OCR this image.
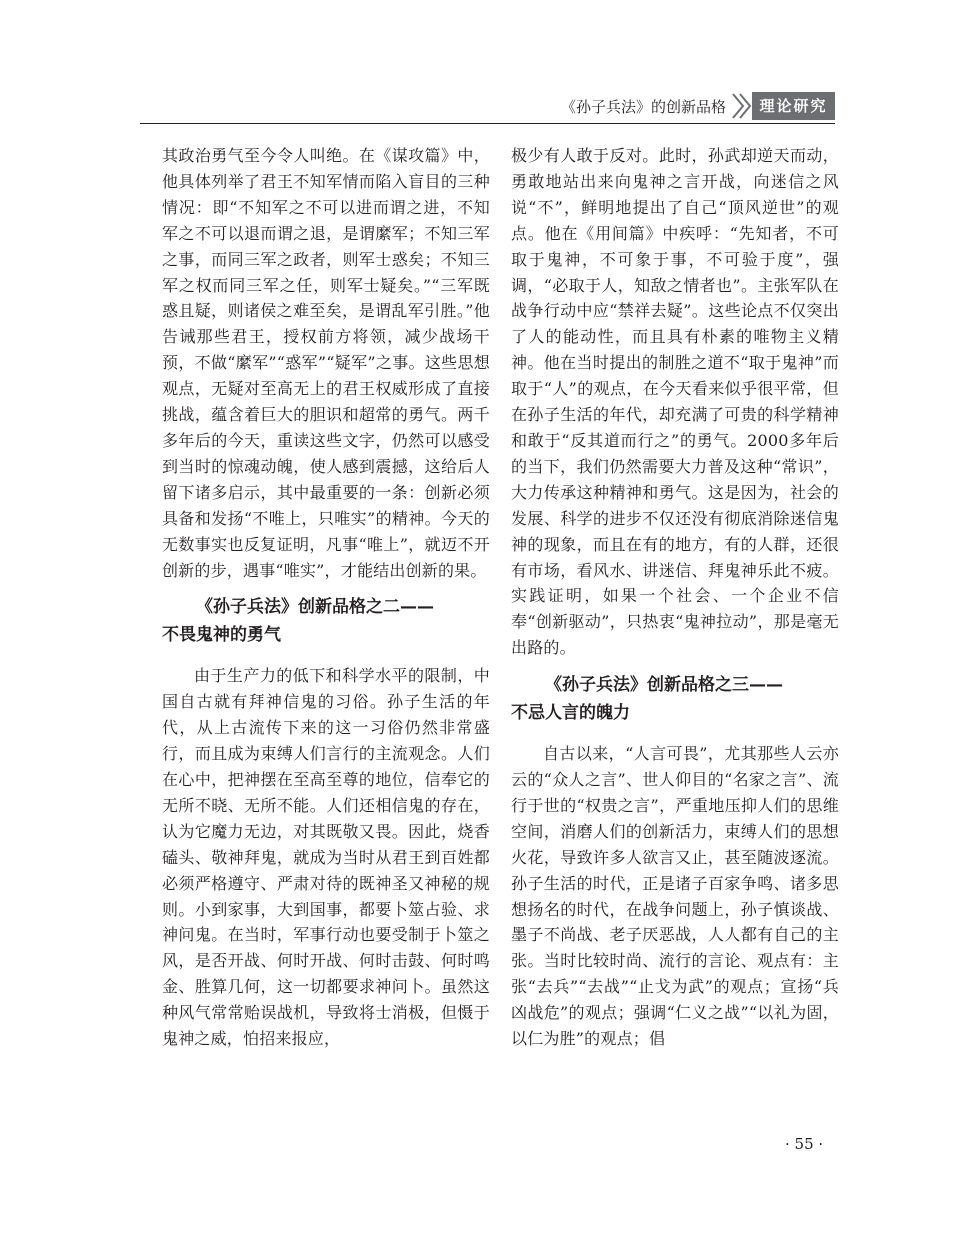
《孙子兵法》的创新品格	理论研究

其政治勇气至今令人叫绝。在《谋攻篇》中，他具体列举了君王不知军情而陷入盲目的三种情况：即“不知军之不可以进而谓之进，不知军之不可以退而谓之退，是谓縻军；不知三军之事，而同三军之政者，则军士惑矣；不知三军之权而同三军之任，则军士疑矣。”“三军既惑且疑，则诸侯之难至矣，是谓乱军引胜。”他告诫那些君王，授权前方将领，减少战场干预，不做“縻军”“惑军”“疑军”之事。这些思想观点，无疑对至高无上的君王权威形成了直接挑战，蕴含着巨大的胆识和超常的勇气。两千多年后的今天，重读这些文字，仍然可以感受到当时的惊魂动魄，使人感到震撼，这给后人留下诸多启示，其中最重要的一条：创新必须具备和发扬“不唯上，只唯实”的精神。今天的无数事实也反复证明，凡事“唯上”，就迈不开创新的步，遇事“唯实”，才能结出创新的果。

《孙子兵法》创新品格之二——
不畏鬼神的勇气

由于生产力的低下和科学水平的限制，中国自古就有拜神信鬼的习俗。孙子生活的年代，从上古流传下来的这一习俗仍然非常盛行，而且成为束缚人们言行的主流观念。人们在心中，把神摆在至高至尊的地位，信奉它的无所不晓、无所不能。人们还相信鬼的存在，认为它魔力无边，对其既敬又畏。因此，烧香磕头、敬神拜鬼，就成为当时从君王到百姓都必须严格遵守、严肃对待的既神圣又神秘的规则。小到家事，大到国事，都要卜筮占验、求神问鬼。在当时，军事行动也要受制于卜筮之风，是否开战、何时开战、何时击鼓、何时鸣金、胜算几何，这一切都要求神问卜。虽然这种风气常常贻误战机，导致将士消极，但慑于鬼神之威，怕招来报应，

极少有人敢于反对。此时，孙武却逆天而动，勇敢地站出来向鬼神之言开战，向迷信之风说“不”，鲜明地提出了自己“顶风逆世”的观点。他在《用间篇》中疾呼：“先知者，不可取于鬼神，不可象于事，不可验于度”，强调，“必取于人，知敌之情者也”。主张军队在战争行动中应“禁祥去疑”。这些论点不仅突出了人的能动性，而且具有朴素的唯物主义精神。他在当时提出的制胜之道不“取于鬼神”而取于“人”的观点，在今天看来似乎很平常，但在孙子生活的年代，却充满了可贵的科学精神和敢于“反其道而行之”的勇气。2000多年后的当下，我们仍然需要大力普及这种“常识”，大力传承这种精神和勇气。这是因为，社会的发展、科学的进步不仅还没有彻底消除迷信鬼神的现象，而且在有的地方，有的人群，还很有市场，看风水、讲迷信、拜鬼神乐此不疲。实践证明，如果一个社会、一个企业不信奉“创新驱动”，只热衷“鬼神拉动”，那是毫无出路的。

《孙子兵法》创新品格之三——
不忌人言的魄力

自古以来，“人言可畏”，尤其那些人云亦云的“众人之言”、世人仰目的“名家之言”、流行于世的“权贵之言”，严重地压抑人们的思维空间，消磨人们的创新活力，束缚人们的思想火花，导致许多人欲言又止，甚至随波逐流。孙子生活的时代，正是诸子百家争鸣、诸多思想扬名的时代，在战争问题上，孙子慎谈战、墨子不尚战、老子厌恶战，人人都有自己的主张。当时比较时尚、流行的言论、观点有：主张“去兵”“去战”“止戈为武”的观点；宣扬“兵凶战危”的观点；强调“仁义之战”“以礼为固，以仁为胜”的观点；倡

· 55 ·
